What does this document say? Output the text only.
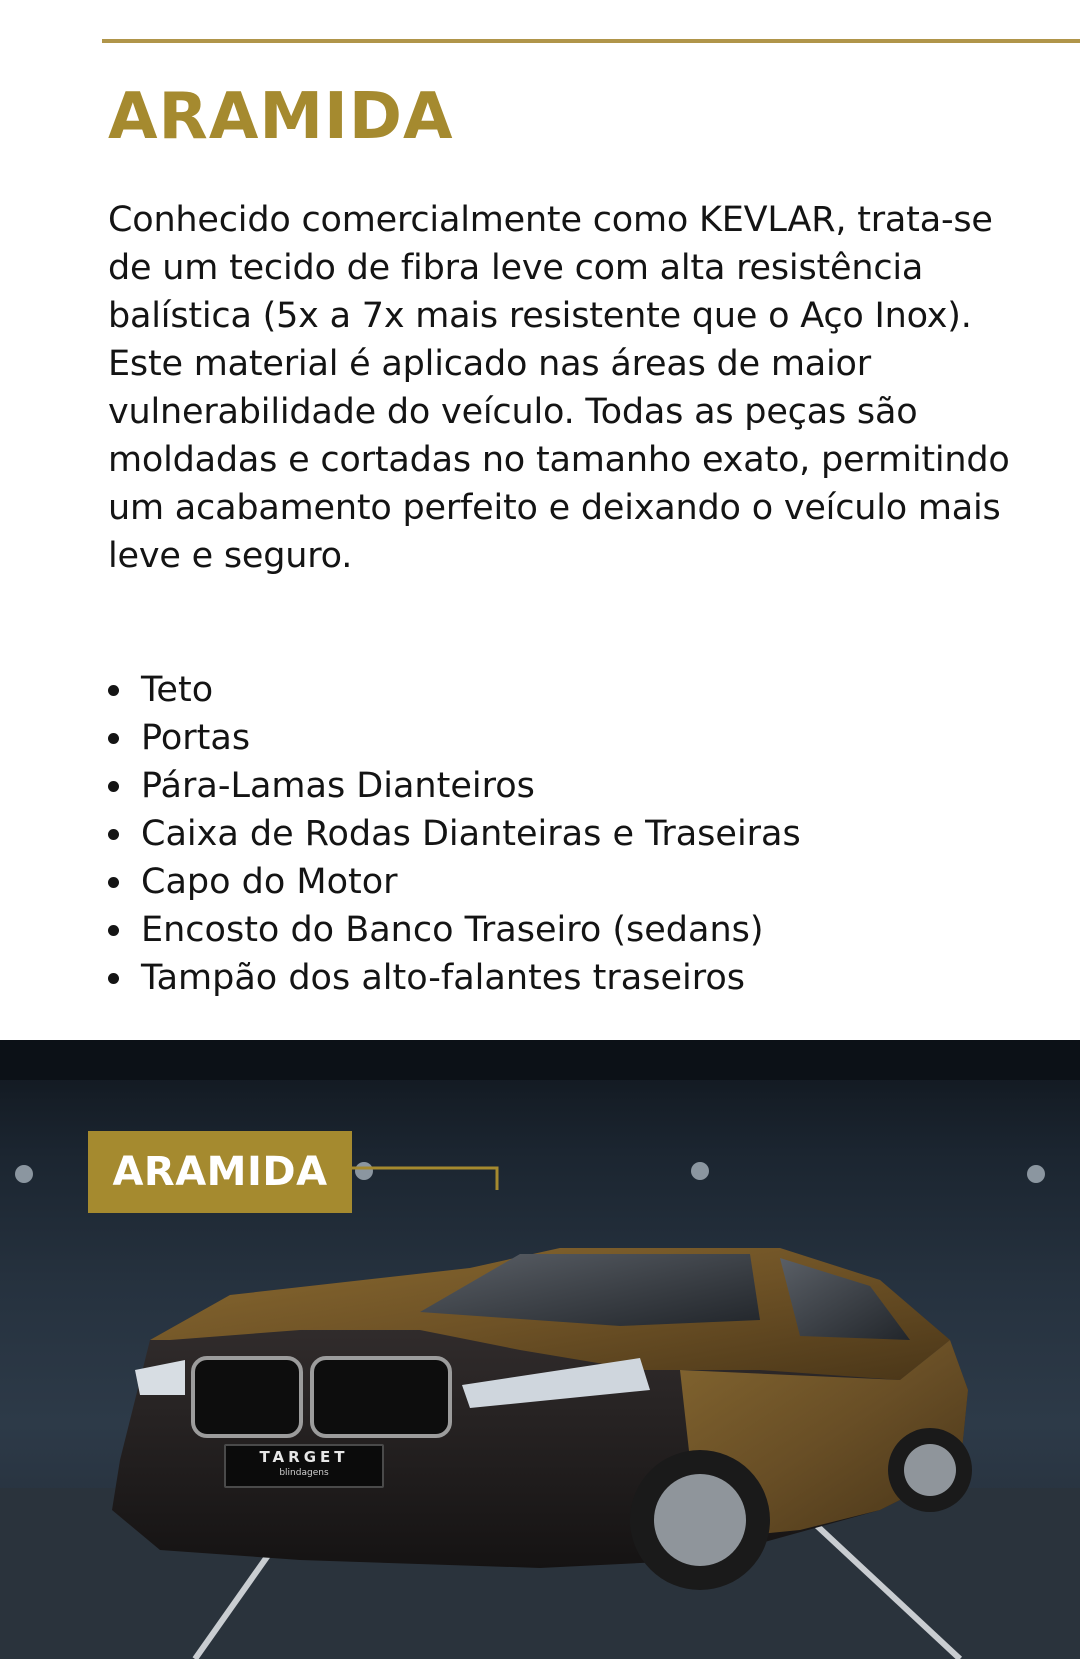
ARAMIDA

Conhecido comercialmente como KEVLAR, trata-se de um tecido de fibra leve com alta resistência balística (5x a 7x mais resistente que o Aço Inox). Este material é aplicado nas áreas de maior vulnerabilidade do veículo. Todas as peças são moldadas e cortadas no tamanho exato, permitindo um acabamento perfeito e deixando o veículo mais leve e seguro.

Teto
Portas
Pára-Lamas Dianteiros
Caixa de Rodas Dianteiras e Traseiras
Capo do Motor
Encosto do Banco Traseiro (sedans)
Tampão dos alto-falantes traseiros
ARAMIDA
TARGET
blindagens
